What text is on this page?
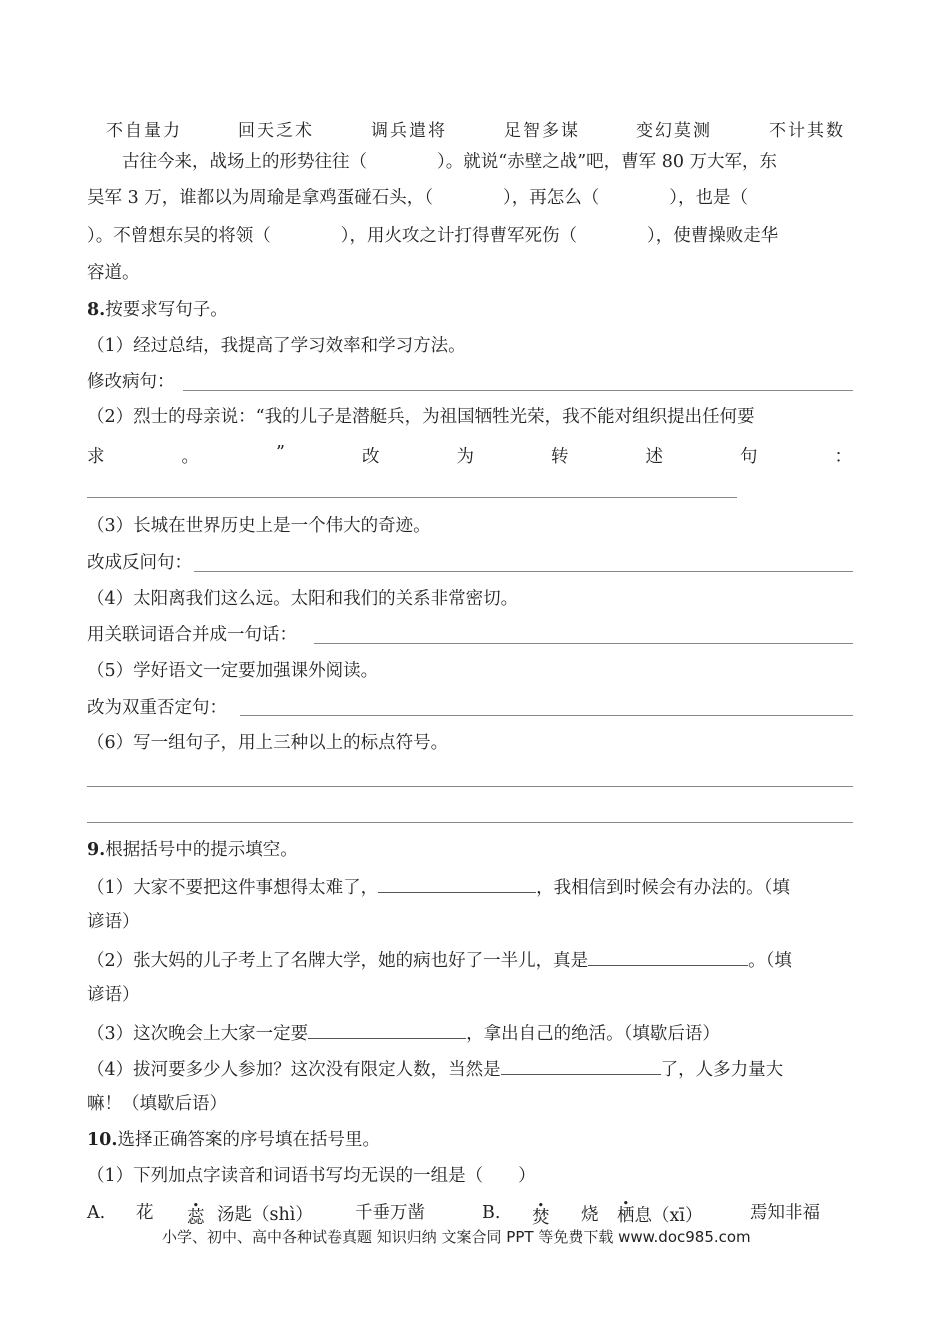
不自量力	回天乏术	调兵遣将	足智多谋	变幻莫测	不计其数
古往今来，战场上的形势往往（　　　　）。就说“赤壁之战”吧，曹军 80 万大军，东
吴军 3 万，谁都以为周瑜是拿鸡蛋碰石头，（　　　　），再怎么（　　　　），也是（
）。不曾想东吴的将领（　　　　），用火攻之计打得曹军死伤（　　　　），使曹操败走华
容道。
8.按要求写句子。
（1）经过总结，我提高了学习效率和学习方法。
修改病句：
（2）烈士的母亲说：“我的儿子是潜艇兵，为祖国牺牲光荣，我不能对组织提出任何要
求	。	”	改	为	转	述	句	：
（3）长城在世界历史上是一个伟大的奇迹。
改成反问句：
（4）太阳离我们这么远。太阳和我们的关系非常密切。
用关联词语合并成一句话：
（5）学好语文一定要加强课外阅读。
改为双重否定句：
（6）写一组句子，用上三种以上的标点符号。
9.根据括号中的提示填空。
（1）大家不要把这件事想得太难了，	，我相信到时候会有办法的。（填
谚语）
（2）张大妈的儿子考上了名牌大学，她的病也好了一半儿，真是	。（填
谚语）
（3）这次晚会上大家一定要	，拿出自己的绝活。（填歇后语）
（4）拔河要多少人参加？这次没有限定人数，当然是	了，人多力量大
嘛！（填歇后语）
10.选择正确答案的序号填在括号里。
（1）下列加点字读音和词语书写均无误的一组是（　　）
A. 花 蕊 汤匙（shì） 千垂万凿	B. 焚 烧 栖息（xī）	焉知非福
小学、初中、高中各种试卷真题 知识归纳 文案合同 PPT 等免费下载 www.doc985.com
